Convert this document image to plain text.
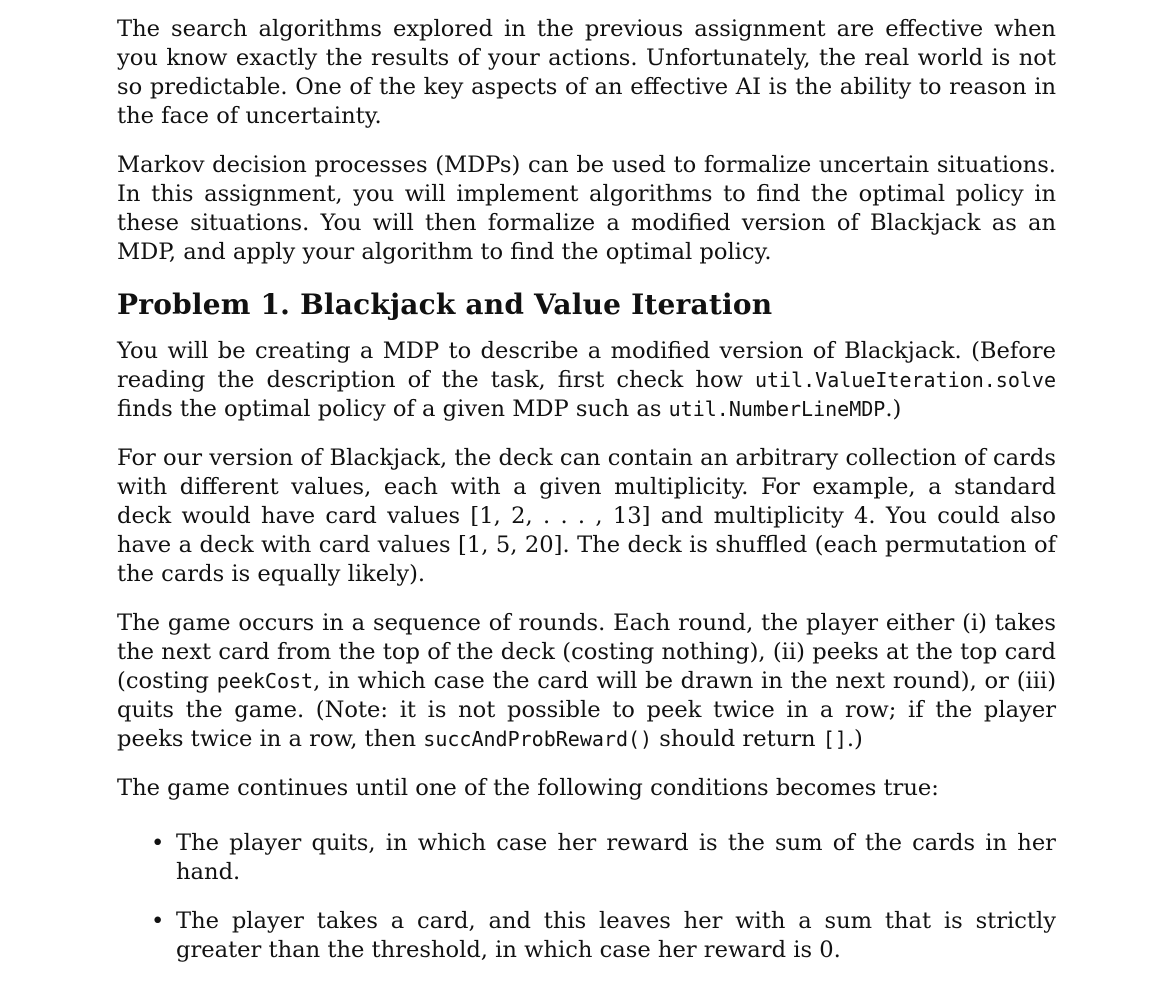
The search algorithms explored in the previous assignment are effective when you know exactly the results of your actions. Unfortunately, the real world is not so predictable. One of the key aspects of an effective AI is the ability to reason in the face of uncertainty.

Markov decision processes (MDPs) can be used to formalize uncertain situations. In this assignment, you will implement algorithms to find the optimal policy in these situations. You will then formalize a modified version of Blackjack as an MDP, and apply your algorithm to find the optimal policy.

Problem 1. Blackjack and Value Iteration

You will be creating a MDP to describe a modified version of Blackjack. (Before reading the description of the task, first check how util.ValueIteration.solve finds the optimal policy of a given MDP such as util.NumberLineMDP.)

For our version of Blackjack, the deck can contain an arbitrary collection of cards with different values, each with a given multiplicity. For example, a standard deck would have card values [1, 2, . . . , 13] and multiplicity 4. You could also have a deck with card values [1, 5, 20]. The deck is shuffled (each permutation of the cards is equally likely).

The game occurs in a sequence of rounds. Each round, the player either (i) takes the next card from the top of the deck (costing nothing), (ii) peeks at the top card (costing peekCost, in which case the card will be drawn in the next round), or (iii) quits the game. (Note: it is not possible to peek twice in a row; if the player peeks twice in a row, then succAndProbReward() should return [].)

The game continues until one of the following conditions becomes true:

• The player quits, in which case her reward is the sum of the cards in her hand.
• The player takes a card, and this leaves her with a sum that is strictly greater than the threshold, in which case her reward is 0.
